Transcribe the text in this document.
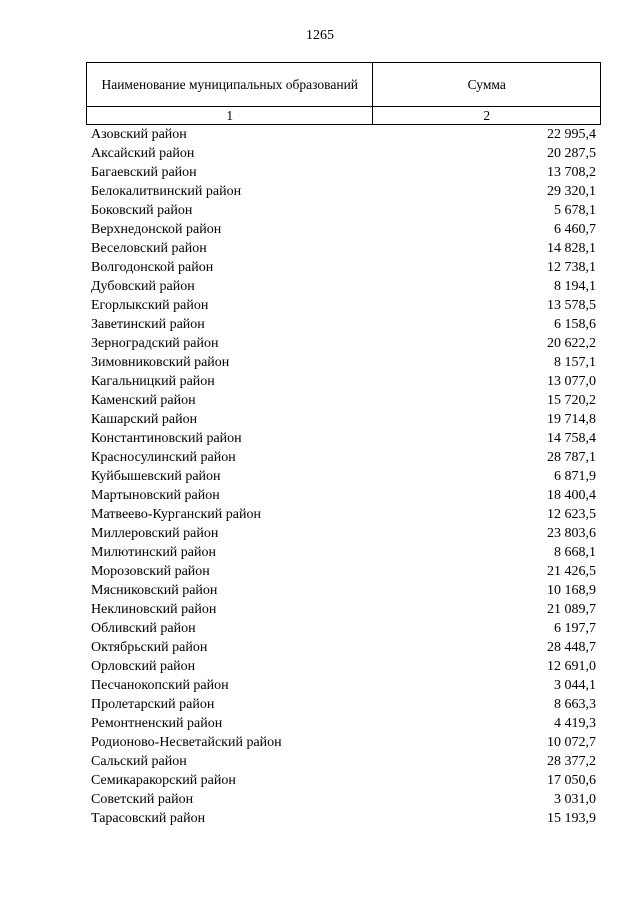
1265
Наименование муниципальных образований	Сумма
1	2
Азовский район	22 995,4
Аксайский район	20 287,5
Багаевский район	13 708,2
Белокалитвинский район	29 320,1
Боковский район	5 678,1
Верхнедонской район	6 460,7
Веселовский район	14 828,1
Волгодонской район	12 738,1
Дубовский район	8 194,1
Егорлыкский район	13 578,5
Заветинский район	6 158,6
Зерноградский район	20 622,2
Зимовниковский район	8 157,1
Кагальницкий район	13 077,0
Каменский район	15 720,2
Кашарский район	19 714,8
Константиновский район	14 758,4
Красносулинский район	28 787,1
Куйбышевский район	6 871,9
Мартыновский район	18 400,4
Матвеево-Курганский район	12 623,5
Миллеровский район	23 803,6
Милютинский район	8 668,1
Морозовский район	21 426,5
Мясниковский район	10 168,9
Неклиновский район	21 089,7
Обливский район	6 197,7
Октябрьский район	28 448,7
Орловский район	12 691,0
Песчанокопский район	3 044,1
Пролетарский район	8 663,3
Ремонтненский район	4 419,3
Родионово-Несветайский район	10 072,7
Сальский район	28 377,2
Семикаракорский район	17 050,6
Советский район	3 031,0
Тарасовский район	15 193,9
